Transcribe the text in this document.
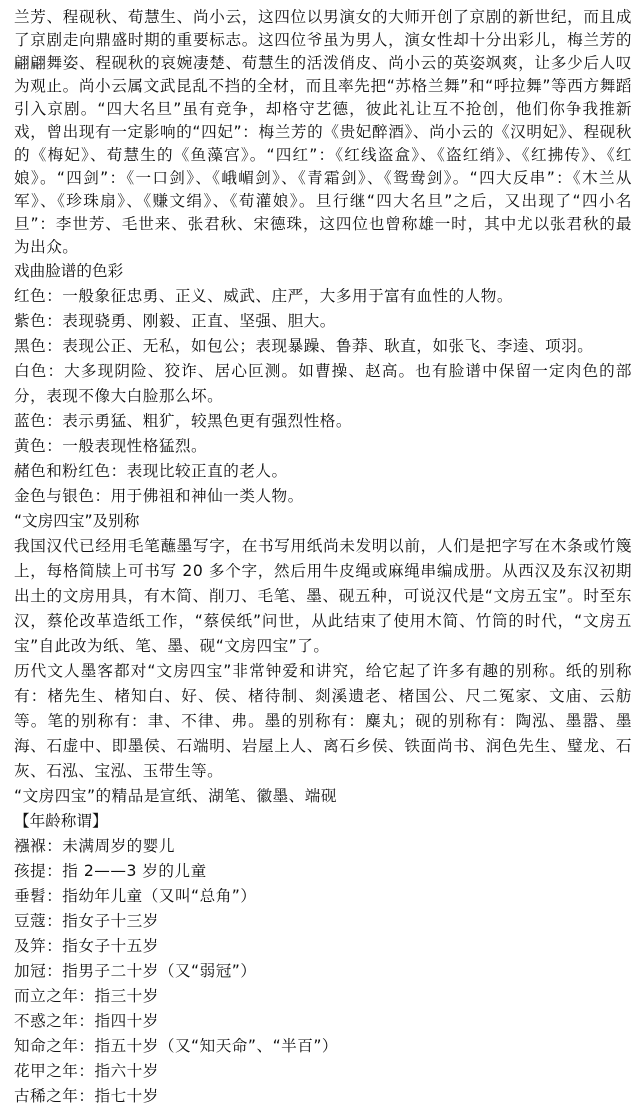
兰芳、程砚秋、荀慧生、尚小云，这四位以男演女的大师开创了京剧的新世纪，而且成了京剧走向鼎盛时期的重要标志。这四位爷虽为男人，演女性却十分出彩儿，梅兰芳的翩翩舞姿、程砚秋的哀婉凄楚、荀慧生的活泼俏皮、尚小云的英姿飒爽，让多少后人叹为观止。尚小云属文武昆乱不挡的全材，而且率先把“苏格兰舞”和“呼拉舞”等西方舞蹈引入京剧。“四大名旦”虽有竞争，却格守艺德，彼此礼让互不抢创，他们你争我推新戏，曾出现有一定影响的“四妃”：梅兰芳的《贵妃醉酒》、尚小云的《汉明妃》、程砚秋的《梅妃》、荀慧生的《鱼藻宫》。“四红”：《红线盗盒》、《盗红绡》、《红拂传》、《红娘》。“四剑”：《一口剑》、《峨嵋剑》、《青霜剑》、《鸳鸯剑》。“四大反串”：《木兰从军》、《珍珠扇》、《赚文绢》、《荀灌娘》。旦行继“四大名旦”之后，又出现了“四小名旦”：李世芳、毛世来、张君秋、宋德珠，这四位也曾称雄一时，其中尤以张君秋的最为出众。

戏曲脸谱的色彩

红色：一般象征忠勇、正义、威武、庄严，大多用于富有血性的人物。

紫色：表现骁勇、刚毅、正直、坚强、胆大。

黑色：表现公正、无私，如包公；表现暴躁、鲁莽、耿直，如张飞、李逵、项羽。

白色：大多现阴险、狡诈、居心叵测。如曹操、赵高。也有脸谱中保留一定肉色的部分，表现不像大白脸那么坏。

蓝色：表示勇猛、粗犷，较黑色更有强烈性格。

黄色：一般表现性格猛烈。

赭色和粉红色：表现比较正直的老人。

金色与银色：用于佛祖和神仙一类人物。

“文房四宝”及别称

我国汉代已经用毛笔蘸墨写字，在书写用纸尚未发明以前，人们是把字写在木条或竹篾上，每格简牍上可书写 20 多个字，然后用牛皮绳或麻绳串编成册。从西汉及东汉初期出土的文房用具，有木简、削刀、毛笔、墨、砚五种，可说汉代是“文房五宝”。时至东汉，蔡伦改革造纸工作，“蔡侯纸”问世，从此结束了使用木简、竹筒的时代，“文房五宝”自此改为纸、笔、墨、砚“文房四宝”了。

历代文人墨客都对“文房四宝”非常钟爱和讲究，给它起了许多有趣的别称。纸的别称有：楮先生、楮知白、好、侯、楮待制、剡溪遗老、楮国公、尺二冤家、文庙、云舫等。笔的别称有：聿、不律、弗。墨的别称有：麋丸；砚的别称有：陶泓、墨嚣、墨海、石虚中、即墨侯、石端明、岩屋上人、离石乡侯、铁面尚书、润色先生、璧龙、石灰、石泓、宝泓、玉带生等。

“文房四宝”的精品是宣纸、湖笔、徽墨、端砚

【年龄称谓】

襁褓：未满周岁的婴儿

孩提：指 2——3 岁的儿童

垂髫：指幼年儿童（又叫“总角”）

豆蔻：指女子十三岁

及笄：指女子十五岁

加冠：指男子二十岁（又“弱冠”）

而立之年：指三十岁

不惑之年：指四十岁

知命之年：指五十岁（又“知天命”、“半百”）

花甲之年：指六十岁

古稀之年：指七十岁
